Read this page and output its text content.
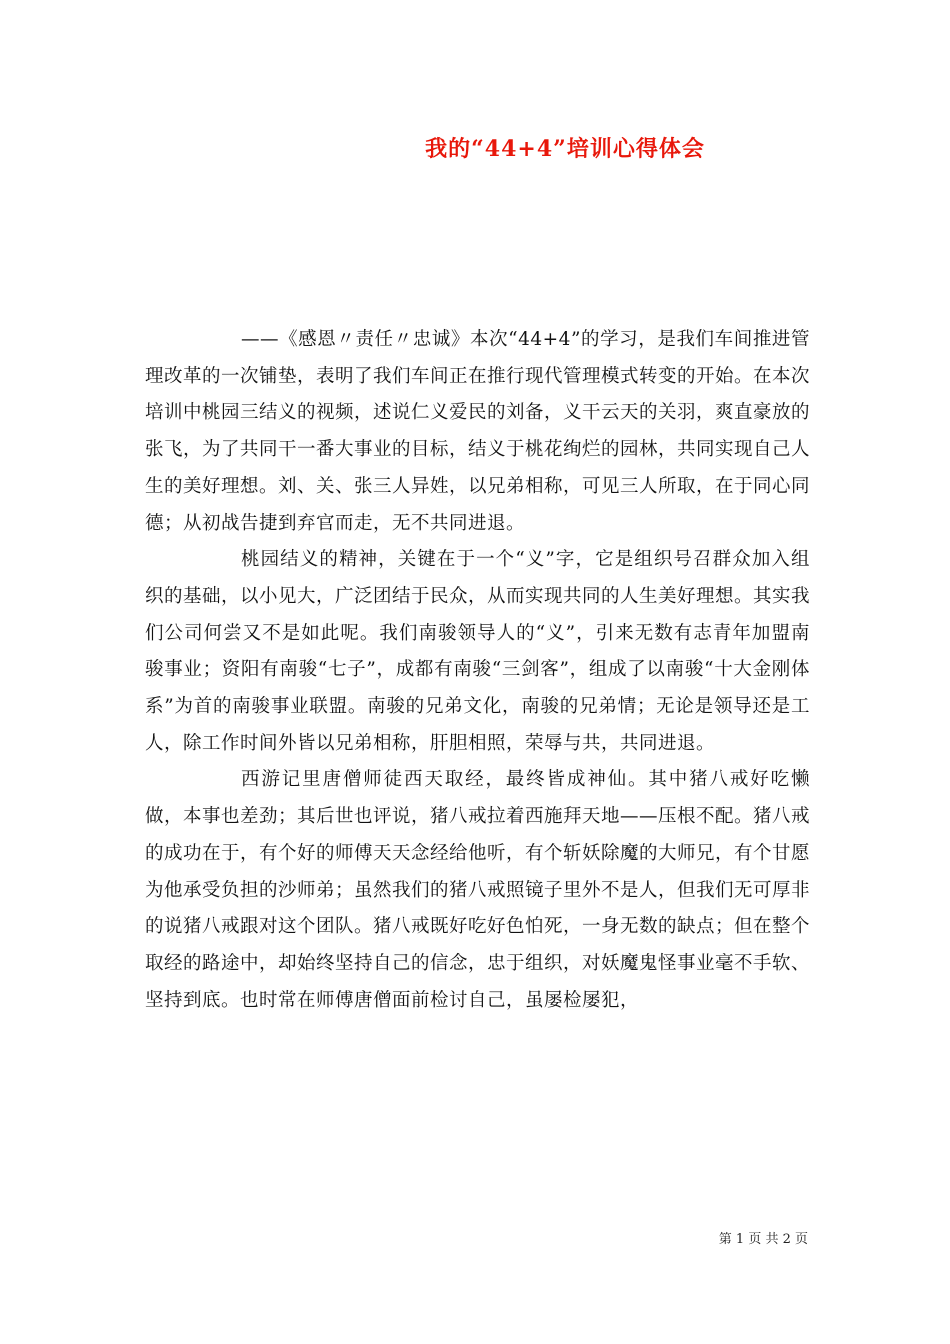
我的“44+4”培训心得体会

——《感恩〃责任〃忠诚》本次“44+4”的学习，是我们车间推进管理改革的一次铺垫，表明了我们车间正在推行现代管理模式转变的开始。在本次培训中桃园三结义的视频，述说仁义爱民的刘备，义干云天的关羽，爽直豪放的张飞，为了共同干一番大事业的目标，结义于桃花绚烂的园林，共同实现自己人生的美好理想。刘、关、张三人异姓，以兄弟相称，可见三人所取，在于同心同德；从初战告捷到弃官而走，无不共同进退。

桃园结义的精神，关键在于一个“义”字，它是组织号召群众加入组织的基础，以小见大，广泛团结于民众，从而实现共同的人生美好理想。其实我们公司何尝又不是如此呢。我们南骏领导人的“义”，引来无数有志青年加盟南骏事业；资阳有南骏“七子”，成都有南骏“三剑客”，组成了以南骏“十大金刚体系”为首的南骏事业联盟。南骏的兄弟文化，南骏的兄弟情；无论是领导还是工人，除工作时间外皆以兄弟相称，肝胆相照，荣辱与共，共同进退。

西游记里唐僧师徒西天取经，最终皆成神仙。其中猪八戒好吃懒做，本事也差劲；其后世也评说，猪八戒拉着西施拜天地——压根不配。猪八戒的成功在于，有个好的师傅天天念经给他听，有个斩妖除魔的大师兄，有个甘愿为他承受负担的沙师弟；虽然我们的猪八戒照镜子里外不是人，但我们无可厚非的说猪八戒跟对这个团队。猪八戒既好吃好色怕死，一身无数的缺点；但在整个取经的路途中，却始终坚持自己的信念，忠于组织，对妖魔鬼怪事业毫不手软、坚持到底。也时常在师傅唐僧面前检讨自己，虽屡检屡犯，

第 1 页 共 2 页
